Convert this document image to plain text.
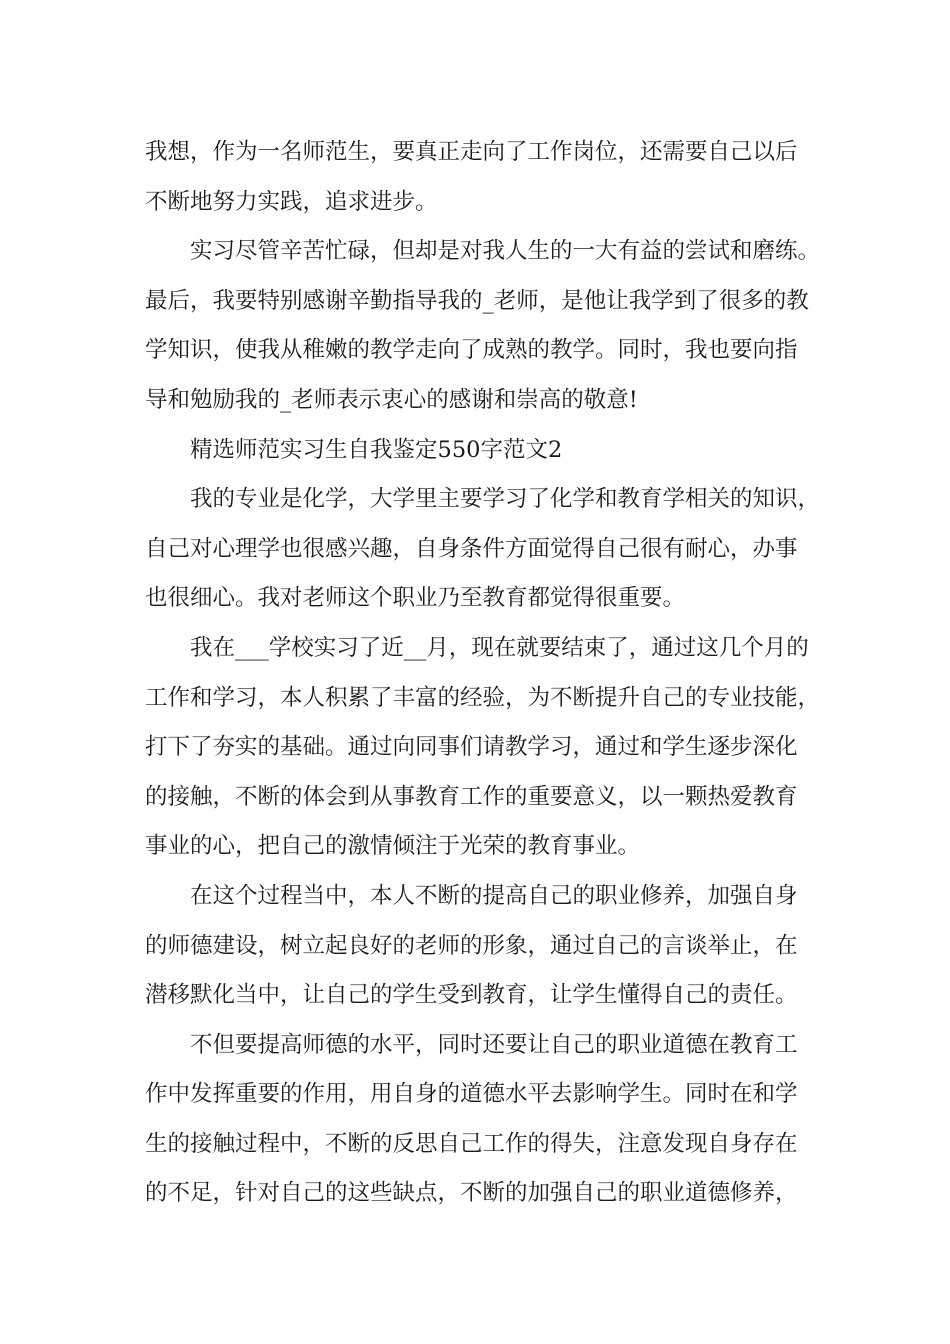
我想，作为一名师范生，要真正走向了工作岗位，还需要自己以后
不断地努力实践，追求进步。
实习尽管辛苦忙碌，但却是对我人生的一大有益的尝试和磨练。
最后，我要特别感谢辛勤指导我的_老师，是他让我学到了很多的教
学知识，使我从稚嫩的教学走向了成熟的教学。同时，我也要向指
导和勉励我的_老师表示衷心的感谢和崇高的敬意!
精选师范实习生自我鉴定550字范文2
我的专业是化学，大学里主要学习了化学和教育学相关的知识，
自己对心理学也很感兴趣，自身条件方面觉得自己很有耐心，办事
也很细心。我对老师这个职业乃至教育都觉得很重要。
我在___学校实习了近__月，现在就要结束了，通过这几个月的
工作和学习，本人积累了丰富的经验，为不断提升自己的专业技能，
打下了夯实的基础。通过向同事们请教学习，通过和学生逐步深化
的接触，不断的体会到从事教育工作的重要意义，以一颗热爱教育
事业的心，把自己的激情倾注于光荣的教育事业。
在这个过程当中，本人不断的提高自己的职业修养，加强自身
的师德建设，树立起良好的老师的形象，通过自己的言谈举止，在
潜移默化当中，让自己的学生受到教育，让学生懂得自己的责任。
不但要提高师德的水平，同时还要让自己的职业道德在教育工
作中发挥重要的作用，用自身的道德水平去影响学生。同时在和学
生的接触过程中，不断的反思自己工作的得失，注意发现自身存在
的不足，针对自己的这些缺点，不断的加强自己的职业道德修养，
